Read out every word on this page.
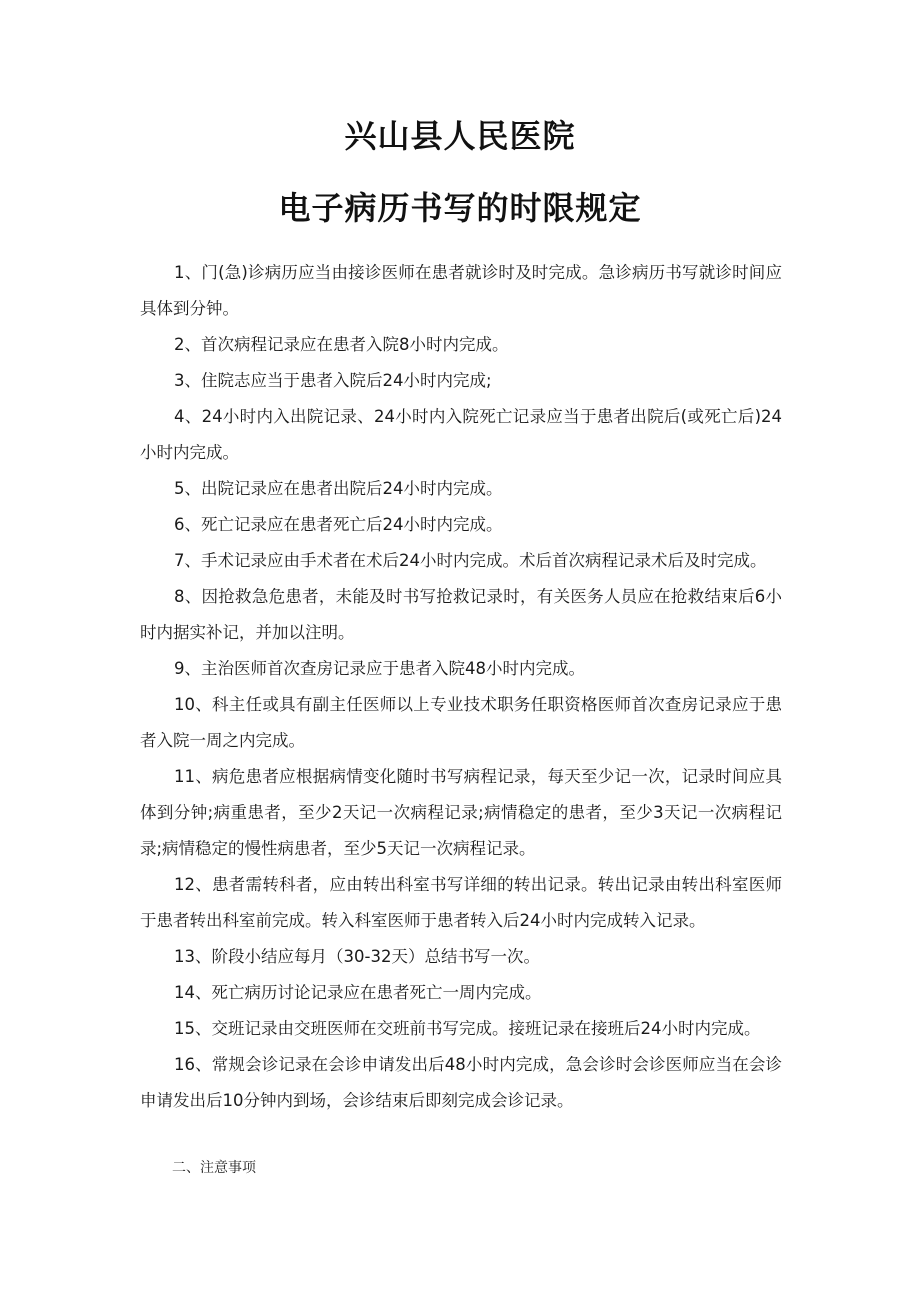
兴山县人民医院
电子病历书写的时限规定

1、门(急)诊病历应当由接诊医师在患者就诊时及时完成。急诊病历书写就诊时间应具体到分钟。

2、首次病程记录应在患者入院8小时内完成。

3、住院志应当于患者入院后24小时内完成;

4、24小时内入出院记录、24小时内入院死亡记录应当于患者出院后(或死亡后)24小时内完成。

5、出院记录应在患者出院后24小时内完成。

6、死亡记录应在患者死亡后24小时内完成。

7、手术记录应由手术者在术后24小时内完成。术后首次病程记录术后及时完成。

8、因抢救急危患者，未能及时书写抢救记录时，有关医务人员应在抢救结束后6小时内据实补记，并加以注明。

9、主治医师首次查房记录应于患者入院48小时内完成。

10、科主任或具有副主任医师以上专业技术职务任职资格医师首次查房记录应于患者入院一周之内完成。

11、病危患者应根据病情变化随时书写病程记录，每天至少记一次，记录时间应具体到分钟;病重患者，至少2天记一次病程记录;病情稳定的患者，至少3天记一次病程记录;病情稳定的慢性病患者，至少5天记一次病程记录。

12、患者需转科者，应由转出科室书写详细的转出记录。转出记录由转出科室医师于患者转出科室前完成。转入科室医师于患者转入后24小时内完成转入记录。

13、阶段小结应每月（30-32天）总结书写一次。

14、死亡病历讨论记录应在患者死亡一周内完成。

15、交班记录由交班医师在交班前书写完成。接班记录在接班后24小时内完成。

16、常规会诊记录在会诊申请发出后48小时内完成，急会诊时会诊医师应当在会诊申请发出后10分钟内到场，会诊结束后即刻完成会诊记录。

二、注意事项
